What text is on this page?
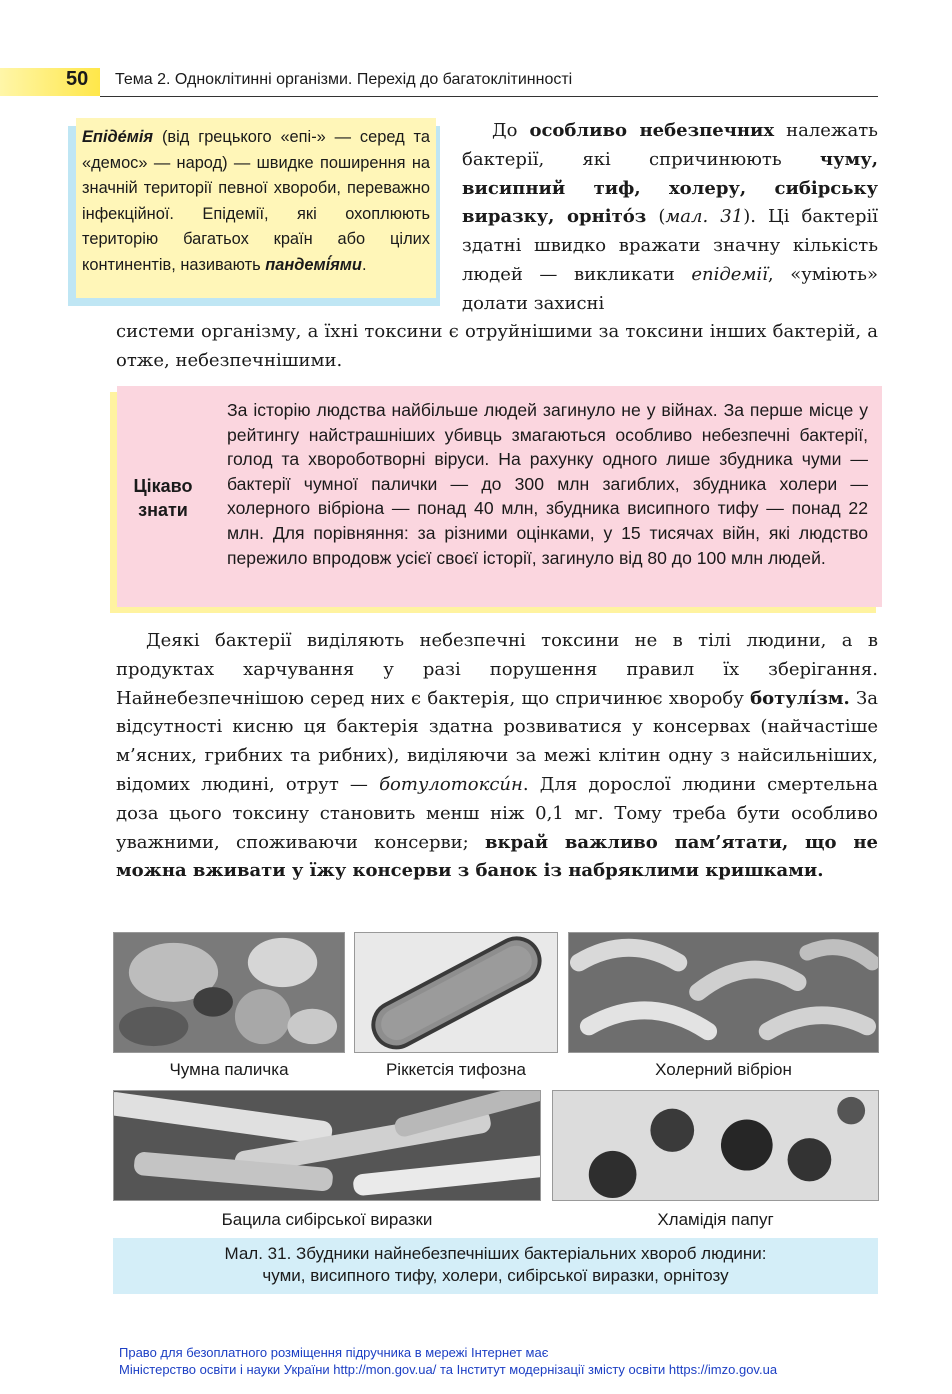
50 Тема 2. Одноклітинні організми. Перехід до багатоклітинності
Епіде́мія (від грецького «епі-» — серед та «демос» — народ) — швидке поширення на значній території певної хвороби, переважно інфекційної. Епідемії, які охоплюють територію багатьох країн або цілих континентів, називають пандемі́ями.
До особливо небезпечних належать бактерії, які спричинюють чуму, висипний тиф, холеру, сибірську виразку, орніто́з (мал. 31). Ці бактерії здатні швидко вражати значну кількість людей — викликати епідемії, «уміють» долати захисні
системи організму, а їхні токсини є отруйнішими за токсини інших бактерій, а отже, небезпечнішими.
Цікаво
знати
За історію людства найбільше людей загинуло не у війнах. За перше місце у рейтингу найстрашніших убивць змагаються особливо небезпечні бактерії, голод та хвороботворні віруси. На рахунку одного лише збудника чуми — бактерії чумної палички — до 300 млн загиблих, збудника холери — холерного вібріона — понад 40 млн, збудника висипного тифу — понад 22 млн. Для порівняння: за різними оцінками, у 15 тисячах війн, які людство пережило впродовж усієї своєї історії, загинуло від 80 до 100 млн людей.
Деякі бактерії виділяють небезпечні токсини не в тілі людини, а в продуктах харчування у разі порушення правил їх зберігання. Найнебезпечнішою серед них є бактерія, що спричинює хворобу ботулі́зм. За відсутності кисню ця бактерія здатна розвиватися у консервах (найчастіше м’ясних, грибних та рибних), виділяючи за межі клітин одну з найсильніших, відомих людині, отрут — ботулотокси́н. Для дорослої людини смертельна доза цього токсину становить менш ніж 0,1 мг. Тому треба бути особливо уважними, споживаючи консерви; вкрай важливо пам’ятати, що не можна вживати у їжу консерви з банок із набряклими кришками.
Чумна паличка	Ріккетсія тифозна	Холерний вібріон
Бацила сибірської виразки	Хламідія папуг
Мал. 31. Збудники найнебезпечніших бактеріальних хвороб людини:
чуми, висипного тифу, холери, сибірської виразки, орнітозу
Право для безоплатного розміщення підручника в мережі Інтернет має
Міністерство освіти і науки України http://mon.gov.ua/ та Інститут модернізації змісту освіти https://imzo.gov.ua
